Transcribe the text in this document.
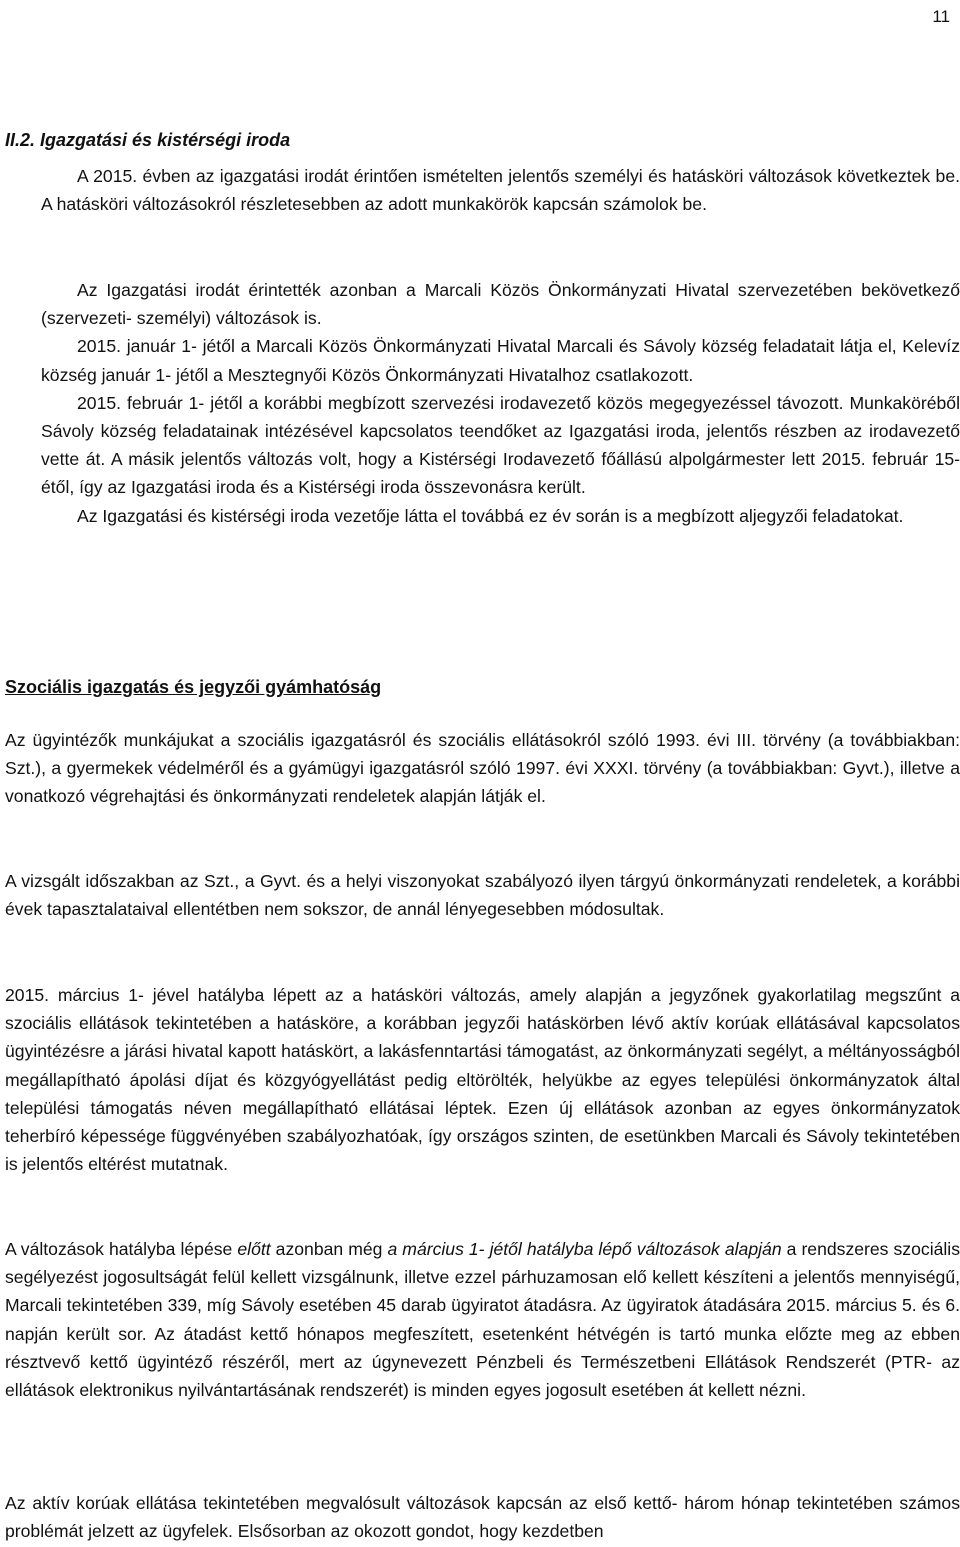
11
II.2. Igazgatási és kistérségi iroda

A 2015. évben az igazgatási irodát érintően ismételten jelentős személyi és hatásköri változások következtek be. A hatásköri változásokról részletesebben az adott munkakörök kapcsán számolok be.

Az Igazgatási irodát érintették azonban a Marcali Közös Önkormányzati Hivatal szervezetében bekövetkező (szervezeti- személyi) változások is.

2015. január 1- jétől a Marcali Közös Önkormányzati Hivatal Marcali és Sávoly község feladatait látja el, Kelevíz község január 1- jétől a Mesztegnyői Közös Önkormányzati Hivatalhoz csatlakozott.

2015. február 1- jétől a korábbi megbízott szervezési irodavezető közös megegyezéssel távozott. Munkaköréből Sávoly község feladatainak intézésével kapcsolatos teendőket az Igazgatási iroda, jelentős részben az irodavezető vette át. A másik jelentős változás volt, hogy a Kistérségi Irodavezető főállású alpolgármester lett 2015. február 15- étől, így az Igazgatási iroda és a Kistérségi iroda összevonásra került.

Az Igazgatási és kistérségi iroda vezetője látta el továbbá ez év során is a megbízott aljegyzői feladatokat.

Szociális igazgatás és jegyzői gyámhatóság

Az ügyintézők munkájukat a szociális igazgatásról és szociális ellátásokról szóló 1993. évi III. törvény (a továbbiakban: Szt.), a gyermekek védelméről és a gyámügyi igazgatásról szóló 1997. évi XXXI. törvény (a továbbiakban: Gyvt.), illetve a vonatkozó végrehajtási és önkormányzati rendeletek alapján látják el.

A vizsgált időszakban az Szt., a Gyvt. és a helyi viszonyokat szabályozó ilyen tárgyú önkormányzati rendeletek, a korábbi évek tapasztalataival ellentétben nem sokszor, de annál lényegesebben módosultak.

2015. március 1- jével hatályba lépett az a hatásköri változás, amely alapján a jegyzőnek gyakorlatilag megszűnt a szociális ellátások tekintetében a hatásköre, a korábban jegyzői hatáskörben lévő aktív korúak ellátásával kapcsolatos ügyintézésre a járási hivatal kapott hatáskört, a lakásfenntartási támogatást, az önkormányzati segélyt, a méltányosságból megállapítható ápolási díjat és közgyógyellátást pedig eltörölték, helyükbe az egyes települési önkormányzatok által települési támogatás néven megállapítható ellátásai léptek. Ezen új ellátások azonban az egyes önkormányzatok teherbíró képessége függvényében szabályozhatóak, így országos szinten, de esetünkben Marcali és Sávoly tekintetében is jelentős eltérést mutatnak.

A változások hatályba lépése előtt azonban még a március 1- jétől hatályba lépő változások alapján a rendszeres szociális segélyezést jogosultságát felül kellett vizsgálnunk, illetve ezzel párhuzamosan elő kellett készíteni a jelentős mennyiségű, Marcali tekintetében 339, míg Sávoly esetében 45 darab ügyiratot átadásra. Az ügyiratok átadására 2015. március 5. és 6. napján került sor. Az átadást kettő hónapos megfeszített, esetenként hétvégén is tartó munka előzte meg az ebben résztvevő kettő ügyintéző részéről, mert az úgynevezett Pénzbeli és Természetbeni Ellátások Rendszerét (PTR- az ellátások elektronikus nyilvántartásának rendszerét) is minden egyes jogosult esetében át kellett nézni.

Az aktív korúak ellátása tekintetében megvalósult változások kapcsán az első kettő- három hónap tekintetében számos problémát jelzett az ügyfelek. Elsősorban az okozott gondot, hogy kezdetben
